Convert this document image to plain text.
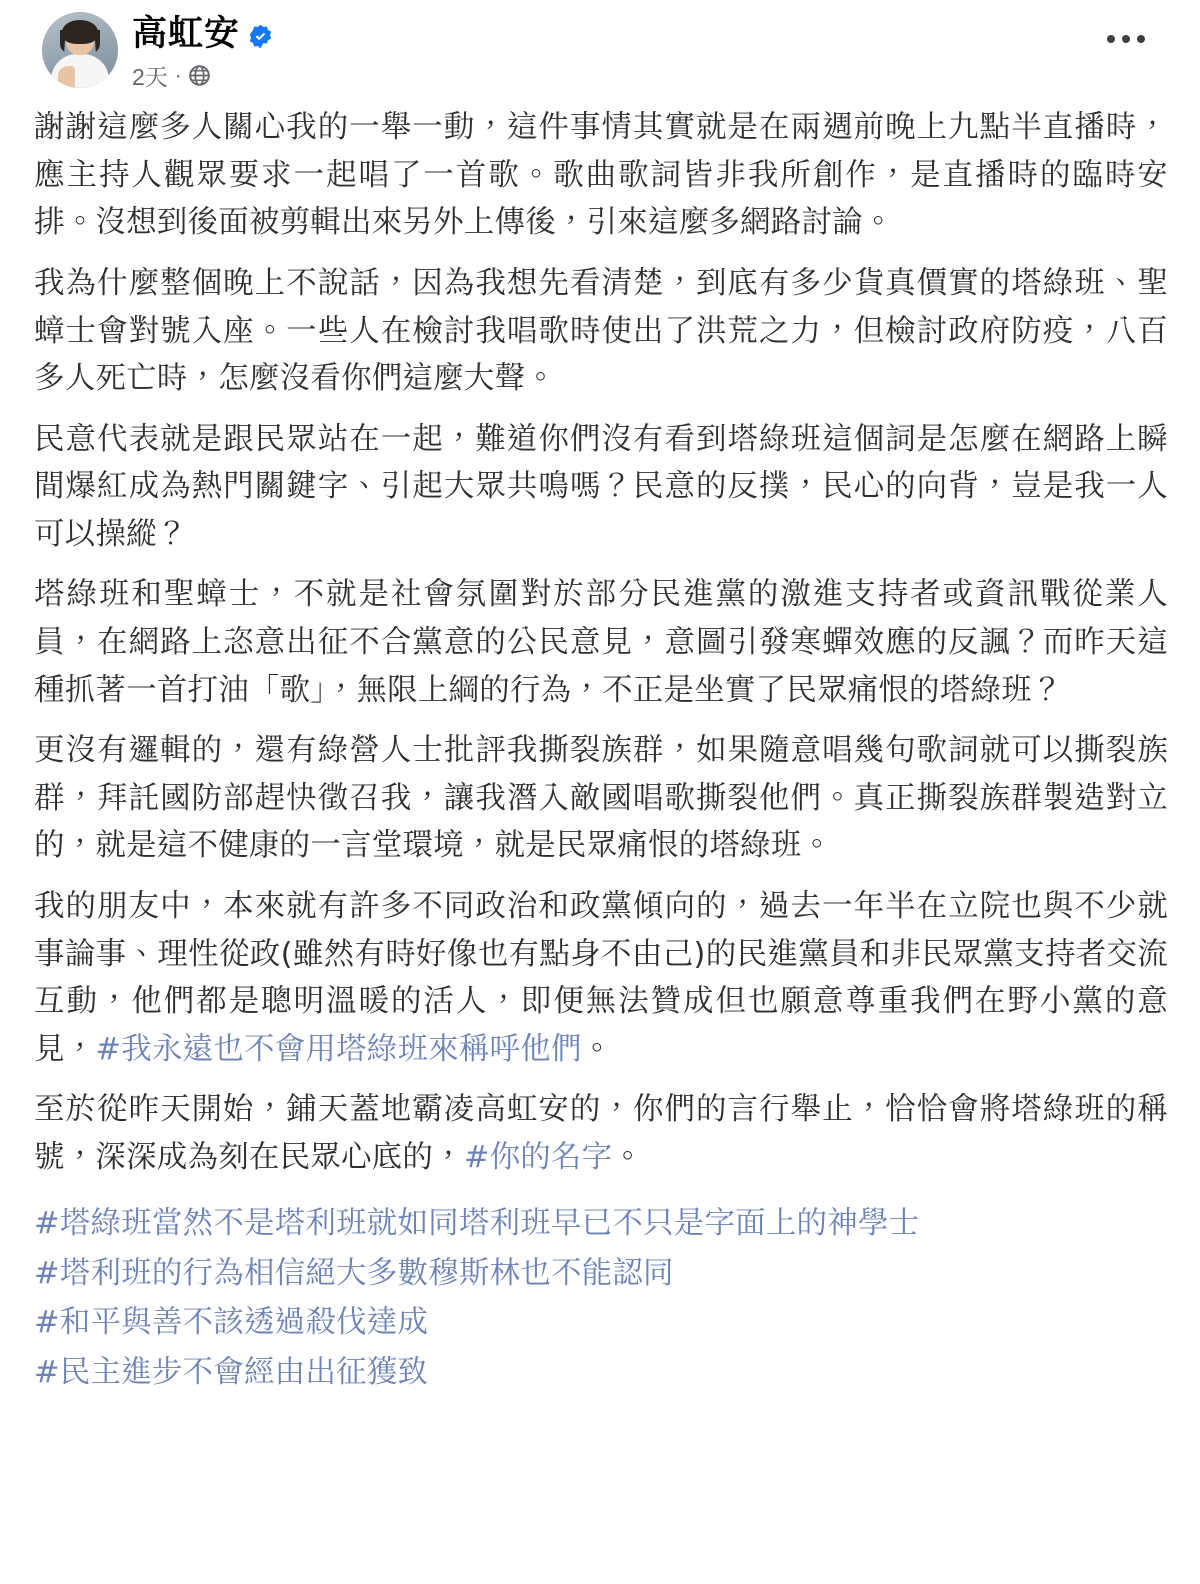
高虹安
2天 ·

謝謝這麼多人關心我的一舉一動，這件事情其實就是在兩週前晚上九點半直播時，應主持人觀眾要求一起唱了一首歌。歌曲歌詞皆非我所創作，是直播時的臨時安排。沒想到後面被剪輯出來另外上傳後，引來這麼多網路討論。

我為什麼整個晚上不說話，因為我想先看清楚，到底有多少貨真價實的塔綠班、聖蟑士會對號入座。一些人在檢討我唱歌時使出了洪荒之力，但檢討政府防疫，八百多人死亡時，怎麼沒看你們這麼大聲。

民意代表就是跟民眾站在一起，難道你們沒有看到塔綠班這個詞是怎麼在網路上瞬間爆紅成為熱門關鍵字、引起大眾共鳴嗎？民意的反撲，民心的向背，豈是我一人可以操縱？

塔綠班和聖蟑士，不就是社會氛圍對於部分民進黨的激進支持者或資訊戰從業人員，在網路上恣意出征不合黨意的公民意見，意圖引發寒蟬效應的反諷？而昨天這種抓著一首打油「歌」，無限上綱的行為，不正是坐實了民眾痛恨的塔綠班？

更沒有邏輯的，還有綠營人士批評我撕裂族群，如果隨意唱幾句歌詞就可以撕裂族群，拜託國防部趕快徵召我，讓我潛入敵國唱歌撕裂他們。真正撕裂族群製造對立的，就是這不健康的一言堂環境，就是民眾痛恨的塔綠班。

我的朋友中，本來就有許多不同政治和政黨傾向的，過去一年半在立院也與不少就事論事、理性從政(雖然有時好像也有點身不由己)的民進黨員和非民眾黨支持者交流互動，他們都是聰明溫暖的活人，即便無法贊成但也願意尊重我們在野小黨的意見，#我永遠也不會用塔綠班來稱呼他們。

至於從昨天開始，鋪天蓋地霸凌高虹安的，你們的言行舉止，恰恰會將塔綠班的稱號，深深成為刻在民眾心底的，#你的名字。

#塔綠班當然不是塔利班就如同塔利班早已不只是字面上的神學士
#塔利班的行為相信絕大多數穆斯林也不能認同
#和平與善不該透過殺伐達成
#民主進步不會經由出征獲致
